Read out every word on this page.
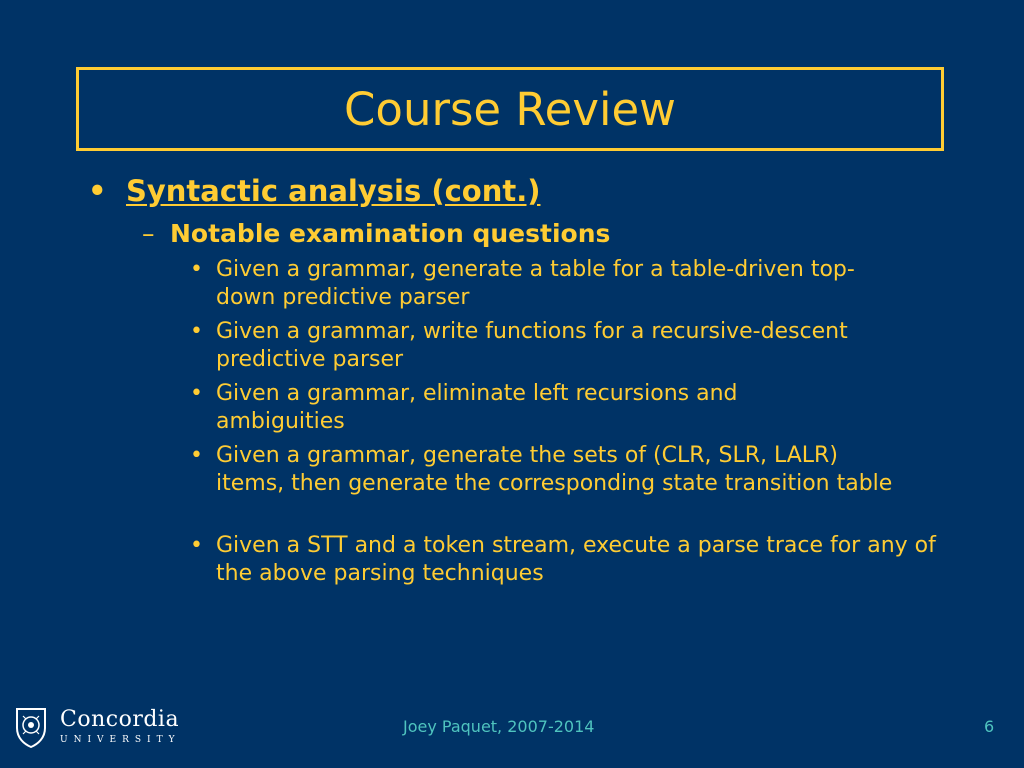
Course Review
• Syntactic analysis (cont.)
– Notable examination questions
• Given a grammar, generate a table for a table-driven top-down predictive parser
• Given a grammar, write functions for a recursive-descent predictive parser
• Given a grammar, eliminate left recursions and ambiguities
• Given a grammar, generate the sets of (CLR, SLR, LALR) items, then generate the corresponding state transition table
• Given a STT and a token stream, execute a parse trace for any of the above parsing techniques
Concordia
UNIVERSITY
Joey Paquet, 2007-2014	6
